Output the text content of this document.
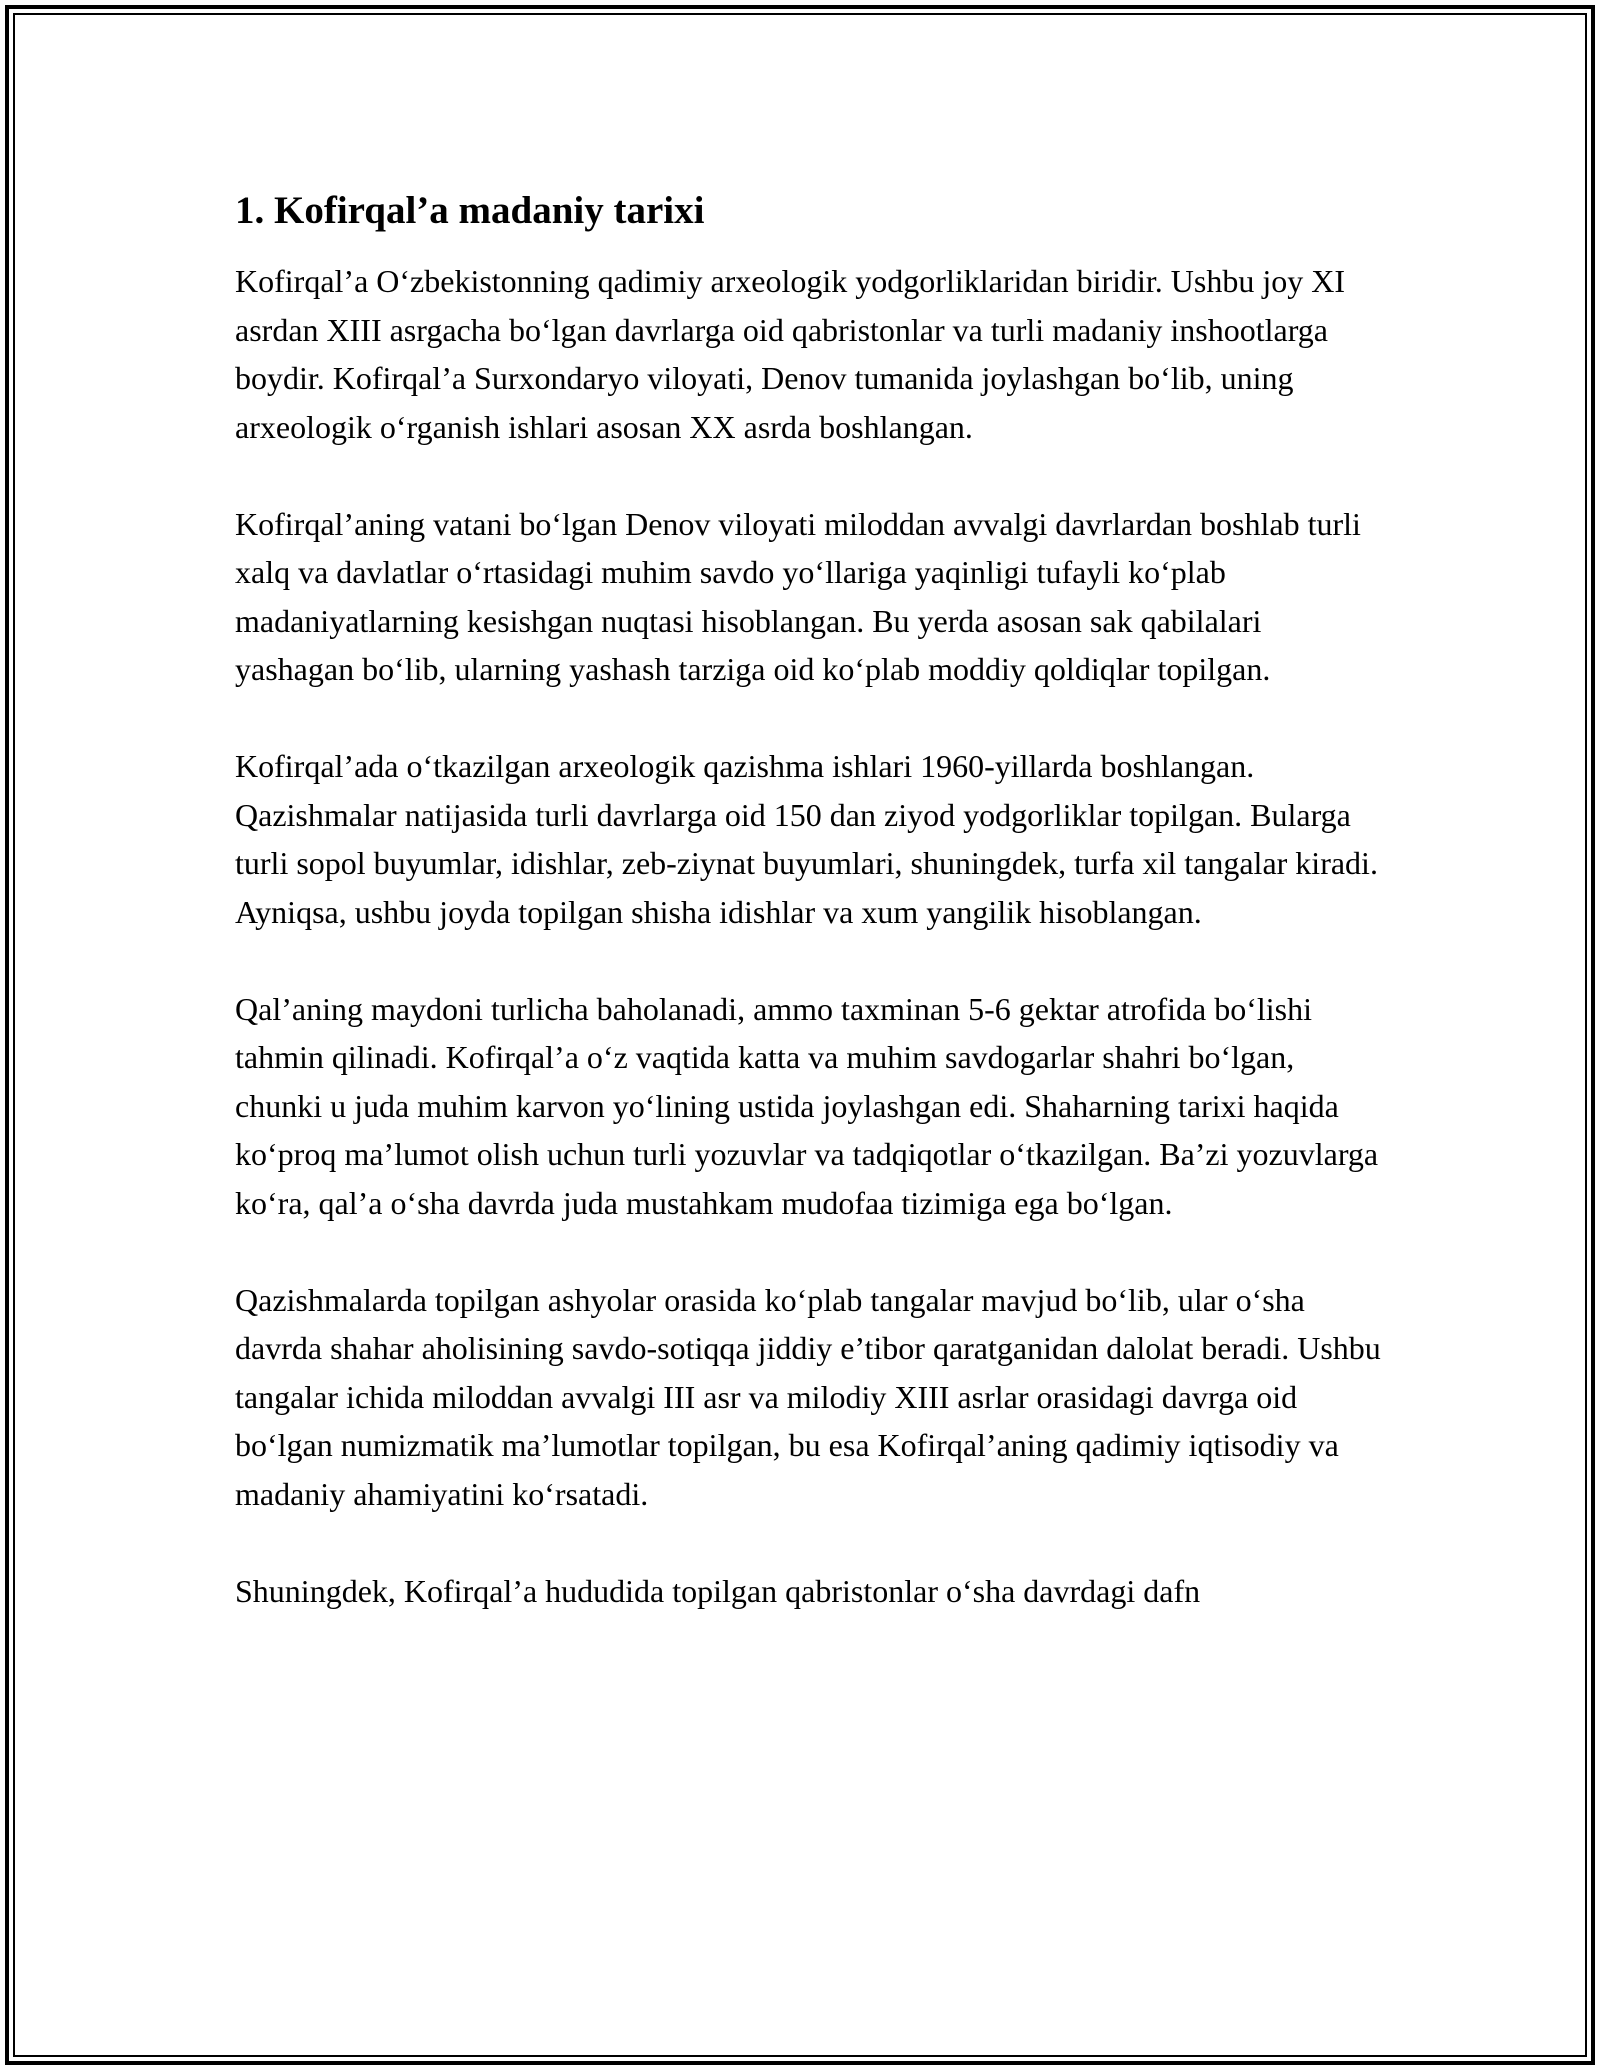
1. Kofirqal’a madaniy tarixi

Kofirqal’a O‘zbekistonning qadimiy arxeologik yodgorliklaridan biridir. Ushbu joy XI asrdan XIII asrgacha bo‘lgan davrlarga oid qabristonlar va turli madaniy inshootlarga boydir. Kofirqal’a Surxondaryo viloyati, Denov tumanida joylashgan bo‘lib, uning arxeologik o‘rganish ishlari asosan XX asrda boshlangan.

Kofirqal’aning vatani bo‘lgan Denov viloyati miloddan avvalgi davrlardan boshlab turli xalq va davlatlar o‘rtasidagi muhim savdo yo‘llariga yaqinligi tufayli ko‘plab madaniyatlarning kesishgan nuqtasi hisoblangan. Bu yerda asosan sak qabilalari yashagan bo‘lib, ularning yashash tarziga oid ko‘plab moddiy qoldiqlar topilgan.

Kofirqal’ada o‘tkazilgan arxeologik qazishma ishlari 1960-yillarda boshlangan. Qazishmalar natijasida turli davrlarga oid 150 dan ziyod yodgorliklar topilgan. Bularga turli sopol buyumlar, idishlar, zeb-ziynat buyumlari, shuningdek, turfa xil tangalar kiradi. Ayniqsa, ushbu joyda topilgan shisha idishlar va xum yangilik hisoblangan.

Qal’aning maydoni turlicha baholanadi, ammo taxminan 5-6 gektar atrofida bo‘lishi tahmin qilinadi. Kofirqal’a o‘z vaqtida katta va muhim savdogarlar shahri bo‘lgan, chunki u juda muhim karvon yo‘lining ustida joylashgan edi. Shaharning tarixi haqida ko‘proq ma’lumot olish uchun turli yozuvlar va tadqiqotlar o‘tkazilgan. Ba’zi yozuvlarga ko‘ra, qal’a o‘sha davrda juda mustahkam mudofaa tizimiga ega bo‘lgan.

Qazishmalarda topilgan ashyolar orasida ko‘plab tangalar mavjud bo‘lib, ular o‘sha davrda shahar aholisining savdo-sotiqqa jiddiy e’tibor qaratganidan dalolat beradi. Ushbu tangalar ichida miloddan avvalgi III asr va milodiy XIII asrlar orasidagi davrga oid bo‘lgan numizmatik ma’lumotlar topilgan, bu esa Kofirqal’aning qadimiy iqtisodiy va madaniy ahamiyatini ko‘rsatadi.

Shuningdek, Kofirqal’a hududida topilgan qabristonlar o‘sha davrdagi dafn
